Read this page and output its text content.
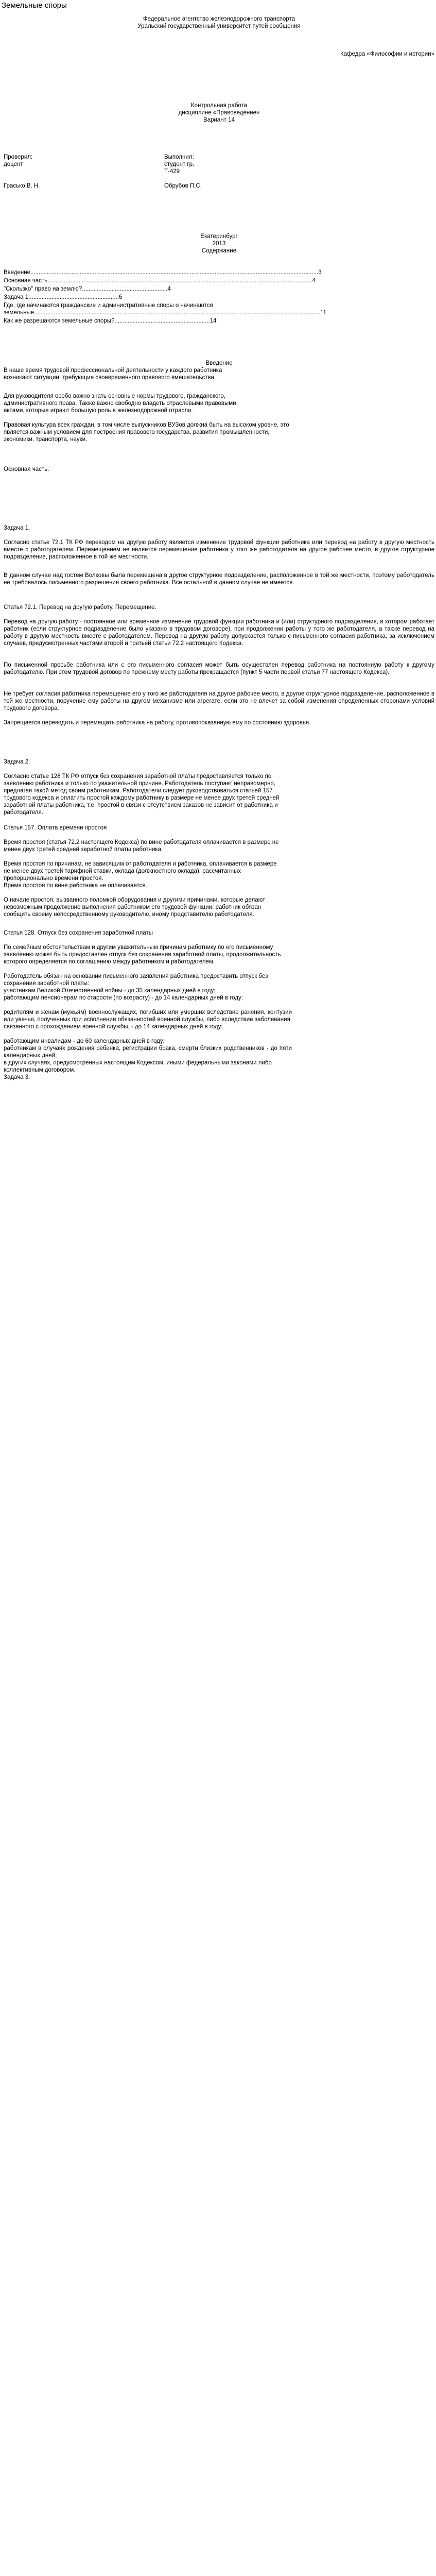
Земельные споры
Федеральное агентство железнодорожного транспорта
Уральский государственный университет путей сообщения
Кафедра «Философии и истории»
Контрольная работа
дисциплинe «Правоведение»
Вариант 14
Проверил:	Выполнил:
доцент	студент гр.
Т-429
Грасько В. Н.	Обрубов П.С.
Екатеринбург
2013
Содержание
Введение...............................................................................................................................................................................3
Основная часть.................................................................................................................................................................4
"Скользко" право на землю?....................................................4
Задача 1.......................................................6
Где, где начинаются гражданские и административные споры о начинаются
земельные..............................................................................................................................................................................11
Как же разрешаются земельные споры?..........................................................14
Введение
В наше время трудовой профессиональной деятельности у каждого работника возникают ситуации, требующие своевременного правового вмешательства.
Для руководителя особо важно знать основные нормы трудового, гражданского, административного права. Также важно свободно владеть отраслевыми правовыми актами, которые играют большую роль в железнодорожной отрасли.
Правовая культура всех граждан, в том числе выпускников ВУЗов должна быть на высоком уровне, это является важным условием для построения правового государства, развития промышленности, экономики, транспорта, науки.
Основная часть.
Задача 1.
Согласно статье 72.1 ТК РФ переводом на другую работу является изменение трудовой функции работника или перевод на работу в другую местность вместе с работодателем. Перемещением не является перемещение работника у того же работодателя на другое рабочее место, в другое структурное подразделение, расположенное в той же местности.
В данном случае над гостем Волковы была перемещена в другое структурное подразделение, расположенное в той же местности, поэтому работодатель не требовалось письменного разрешения своего работника. Все остальной в данном случае не имеется.
Статья 72.1. Перевод на другую работу. Перемещение.
Перевод на другую работу - постоянное или временное изменение трудовой функции работника и (или) структурного подразделения, в котором работает работник (если структурное подразделение было указано в трудовом договоре), при продолжении работы у того же работодателя, а также перевод на работу в другую местность вместе с работодателем. Перевод на другую работу допускается только с письменного согласия работника, за исключением случаев, предусмотренных частями второй и третьей статьи 72.2 настоящего Кодекса.
По письменной просьбе работника или с его письменного согласия может быть осуществлен перевод работника на постоянную работу к другому работодателю. При этом трудовой договор по прежнему месту работы прекращается (пункт 5 части первой статьи 77 настоящего Кодекса).
Не требует согласия работника перемещение его у того же работодателя на другое рабочее место, в другое структурное подразделение, расположенное в той же местности, поручение ему работы на другом механизме или агрегате, если это не влечет за собой изменения определенных сторонами условий трудового договора.
Запрещается переводить и перемещать работника на работу, противопоказанную ему по состоянию здоровья.
Задача 2.
Согласно статье 128 ТК РФ отпуск без сохранения заработной платы предоставляется только по заявлению работника и только по уважительной причине. Работодатель поступает неправомерно, предлагая такой метод своим работникам. Работодатели следует руководствоваться статьей 157 трудового кодекса и оплатить простой каждому работнику в размере не менее двух третей средней заработной платы работника, т.е. простой в связи с отсутствием заказов не зависит от работника и работодателя.
Статья 157. Оплата времени простоя
Время простоя (статья 72.2 настоящего Кодекса) по вине работодателя оплачивается в размере не менее двух третей средней заработной платы работника.
Время простоя по причинам, не зависящим от работодателя и работника, оплачивается в размере не менее двух третей тарифной ставки, оклада (должностного оклада), рассчитанных пропорционально времени простоя.
Время простоя по вине работника не оплачивается.
О начале простоя, вызванного поломкой оборудования и другими причинами, которые делают невозможным продолжение выполнения работником его трудовой функции, работник обязан сообщить своему непосредственному руководителю, иному представителю работодателя.
Статья 128. Отпуск без сохранения заработной платы
По семейным обстоятельствам и другим уважительным причинам работнику по его письменному заявлению может быть предоставлен отпуск без сохранения заработной платы, продолжительность которого определяется по соглашению между работником и работодателем.
Работодатель обязан на основании письменного заявления работника предоставить отпуск без сохранения заработной платы:
участникам Великой Отечественной войны - до 35 календарных дней в году;
работающим пенсионерам по старости (по возрасту) - до 14 календарных дней в году;
родителям и женам (мужьям) военнослужащих, погибших или умерших вследствие ранения, контузии или увечья, полученных при исполнении обязанностей военной службы, либо вследствие заболевания, связанного с прохождением военной службы, - до 14 календарных дней в году;
работающим инвалидам - до 60 календарных дней в году;
работникам в случаях рождения ребенка, регистрации брака, смерти близких родственников - до пяти календарных дней;
в других случаях, предусмотренных настоящим Кодексом, иными федеральными законами либо коллективным договором.
Задача 3.
